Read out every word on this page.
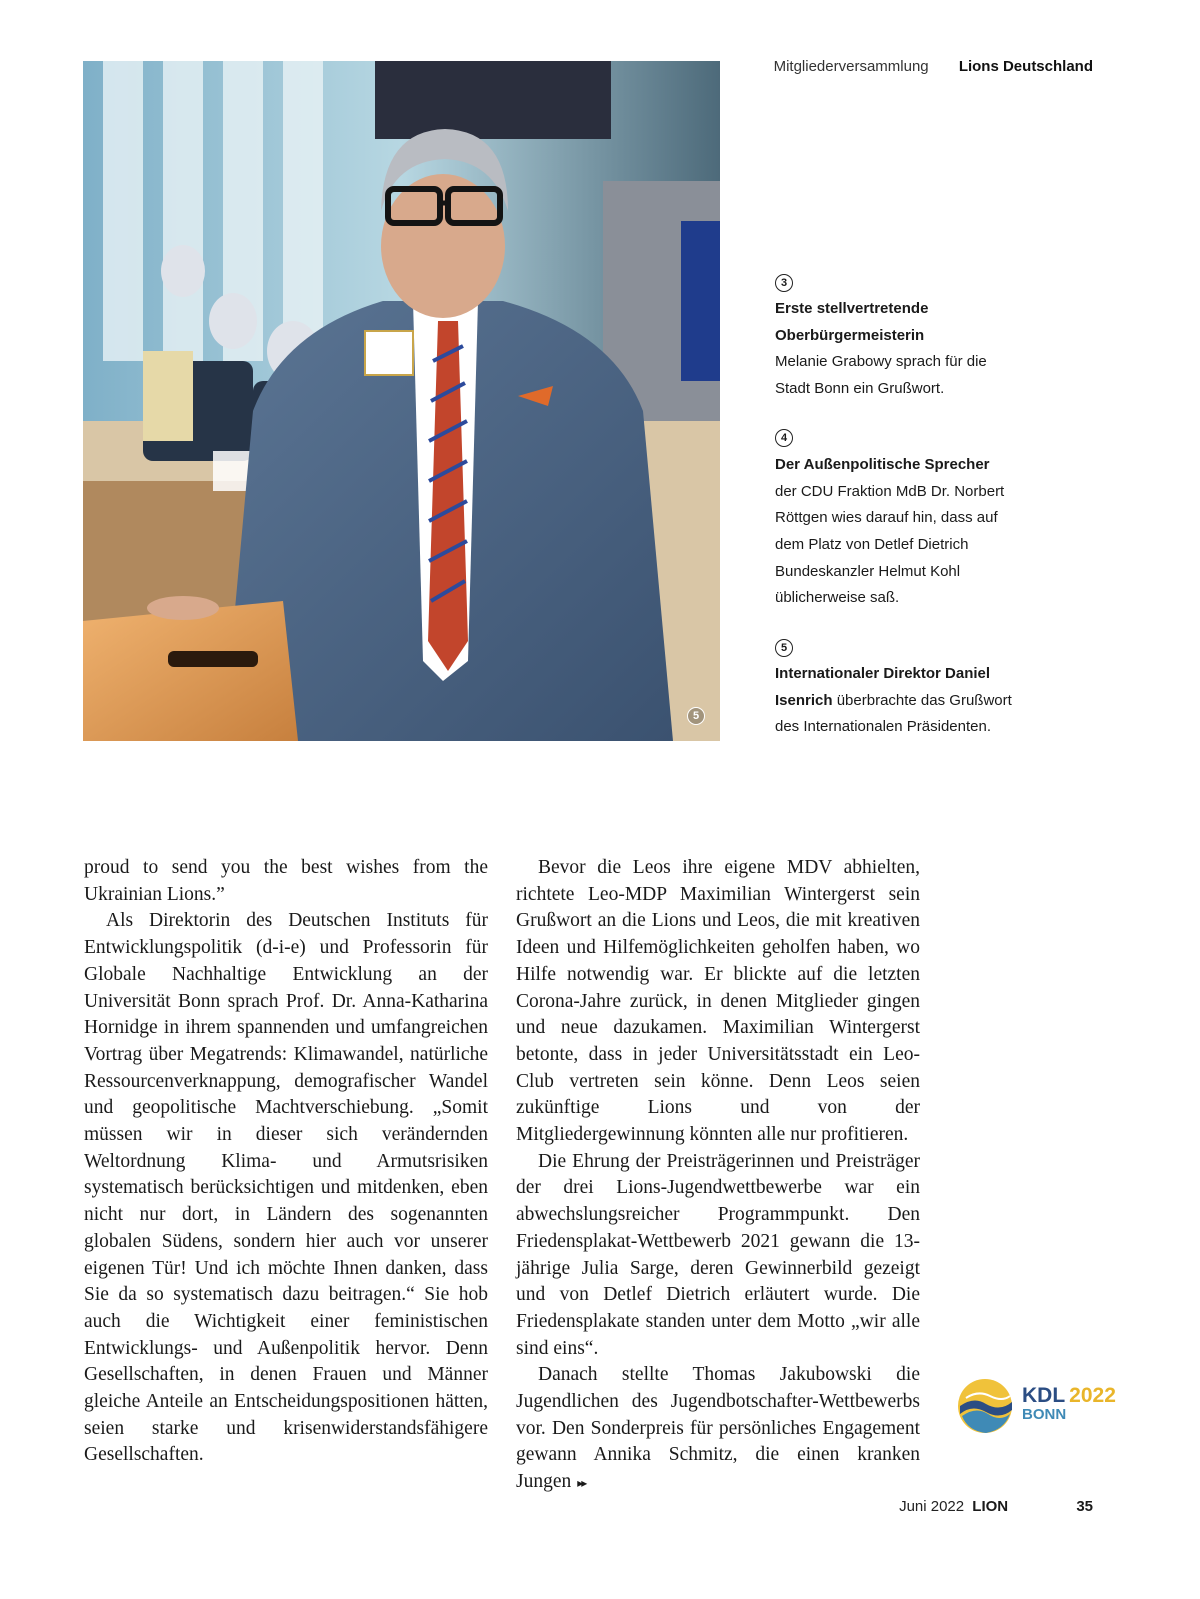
Mitgliederversammlung Lions Deutschland
5
3
Erste stellvertretende Oberbürgermeisterin
Melanie Grabowy sprach für die Stadt Bonn ein Grußwort.
4
Der Außenpolitische Sprecher
der CDU Fraktion MdB Dr. Norbert Röttgen wies darauf hin, dass auf dem Platz von Detlef Dietrich Bundeskanzler Helmut Kohl üblicherweise saß.
5
Internationaler Direktor Daniel Isenrich überbrachte das Grußwort des Internationalen Präsidenten.

proud to send you the best wishes from the Ukrainian Lions.”

Als Direktorin des Deutschen Instituts für Entwicklungspolitik (d-i-e) und Professorin für Globale Nachhaltige Entwicklung an der Universität Bonn sprach Prof. Dr. Anna-Katharina Hornidge in ihrem spannenden und umfangreichen Vortrag über Megatrends: Klimawandel, natürliche Ressourcenverknappung, demografischer Wandel und geopolitische Machtverschiebung. „Somit müssen wir in dieser sich verändernden Weltordnung Klima- und Armutsrisiken systematisch berücksichtigen und mitdenken, eben nicht nur dort, in Ländern des sogenannten globalen Südens, sondern hier auch vor unserer eigenen Tür! Und ich möchte Ihnen danken, dass Sie da so systematisch dazu beitragen.“ Sie hob auch die Wichtigkeit einer feministischen Entwicklungs- und Außenpolitik hervor. Denn Gesellschaften, in denen Frauen und Männer gleiche Anteile an Entscheidungspositionen hätten, seien starke und krisenwiderstandsfähigere Gesellschaften.

Bevor die Leos ihre eigene MDV abhielten, richtete Leo-MDP Maximilian Wintergerst sein Grußwort an die Lions und Leos, die mit kreativen Ideen und Hilfemöglichkeiten geholfen haben, wo Hilfe notwendig war. Er blickte auf die letzten Corona-Jahre zurück, in denen Mitglieder gingen und neue dazukamen. Maximilian Wintergerst betonte, dass in jeder Universitätsstadt ein Leo-Club vertreten sein könne. Denn Leos seien zukünftige Lions und von der Mitgliedergewinnung könnten alle nur profitieren.

Die Ehrung der Preisträgerinnen und Preisträger der drei Lions-Jugendwettbewerbe war ein abwechslungsreicher Programmpunkt. Den Friedensplakat-Wettbewerb 2021 gewann die 13-jährige Julia Sarge, deren Gewinnerbild gezeigt und von Detlef Dietrich erläutert wurde. Die Friedensplakate standen unter dem Motto „wir alle sind eins“.

Danach stellte Thomas Jakubowski die Jugendlichen des Jugendbotschafter-Wettbewerbs vor. Den Sonderpreis für persönliches Engagement gewann Annika Schmitz, die einen kranken Jungen ▸▸

KDL 2022
BONN
Juni 2022 LION	35
